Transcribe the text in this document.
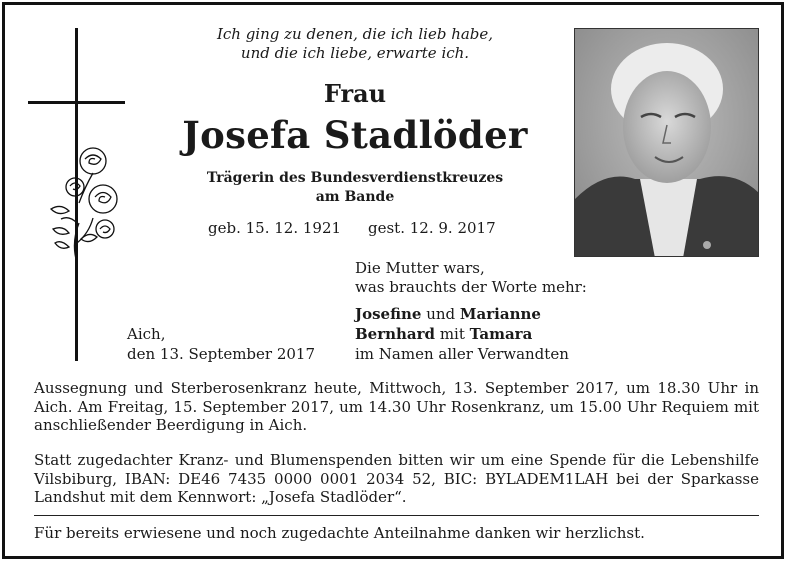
Ich ging zu denen, die ich lieb habe,
und die ich liebe, erwarte ich.
Frau
Josefa Stadlöder
Trägerin des Bundesverdienstkreuzes
am Bande
geb. 15. 12. 1921 gest. 12. 9. 2017
Die Mutter wars,
was brauchts der Worte mehr:
Josefine und Marianne
Bernhard mit Tamara
im Namen aller Verwandten
Aich,
den 13. September 2017
Aussegnung und Sterberosenkranz heute, Mittwoch, 13. September 2017, um 18.30 Uhr in Aich. Am Freitag, 15. September 2017, um 14.30 Uhr Rosenkranz, um 15.00 Uhr Requiem mit anschließender Beerdigung in Aich.
Statt zugedachter Kranz- und Blumenspenden bitten wir um eine Spende für die Lebenshilfe Vilsbiburg, IBAN: DE46 7435 0000 0001 2034 52, BIC: BYLADEM1LAH bei der Sparkasse Landshut mit dem Kennwort: „Josefa Stadlöder“.
Für bereits erwiesene und noch zugedachte Anteilnahme danken wir herzlichst.
